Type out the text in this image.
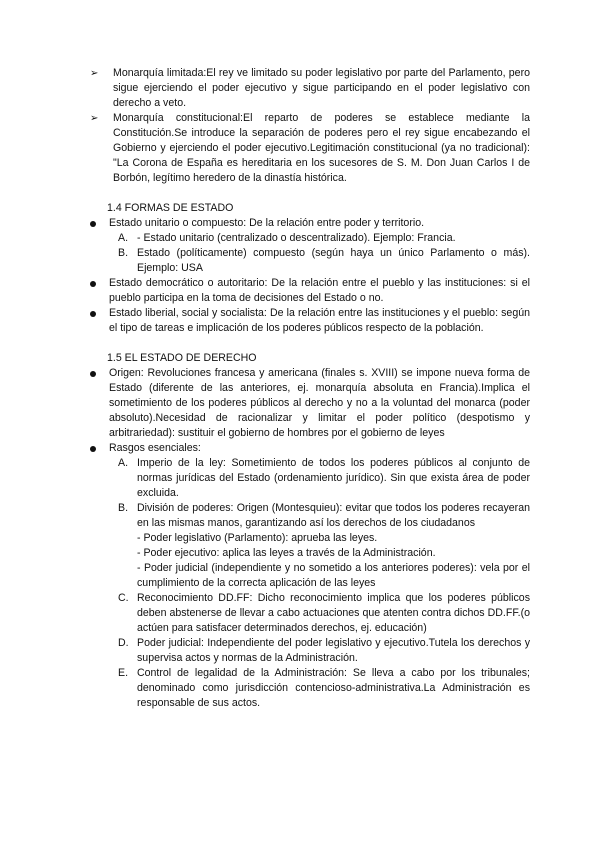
➢	Monarquía limitada:El rey ve limitado su poder legislativo por parte del Parlamento, pero sigue ejerciendo el poder ejecutivo y sigue participando en el poder legislativo con derecho a veto.

➢	Monarquía constitucional:El reparto de poderes se establece mediante la Constitución.Se introduce la separación de poderes pero el rey sigue encabezando el Gobierno y ejerciendo el poder ejecutivo.Legitimación constitucional (ya no tradicional): "La Corona de España es hereditaria en los sucesores de S. M. Don Juan Carlos I de Borbón, legítimo heredero de la dinastía histórica.

1.4 FORMAS DE ESTADO

Estado unitario o compuesto: De la relación entre poder y territorio.

A. - Estado unitario (centralizado o descentralizado). Ejemplo: Francia.

B. Estado (políticamente) compuesto (según haya un único Parlamento o más). Ejemplo: USA

Estado democrático o autoritario: De la relación entre el pueblo y las instituciones: si el pueblo participa en la toma de decisiones del Estado o no.

Estado liberial, social y socialista: De la relación entre las instituciones y el pueblo: según el tipo de tareas e implicación de los poderes públicos respecto de la población.

1.5 EL ESTADO DE DERECHO

Origen: Revoluciones francesa y americana (finales s. XVIII) se impone nueva forma de Estado (diferente de las anteriores, ej. monarquía absoluta en Francia).Implica el sometimiento de los poderes públicos al derecho y no a la voluntad del monarca (poder absoluto).Necesidad de racionalizar y limitar el poder político (despotismo y arbitrariedad): sustituir el gobierno de hombres por el gobierno de leyes

Rasgos esenciales:

A. Imperio de la ley: Sometimiento de todos los poderes públicos al conjunto de normas jurídicas del Estado (ordenamiento jurídico). Sin que exista área de poder excluida.

B. División de poderes: Origen (Montesquieu): evitar que todos los poderes recayeran en las mismas manos, garantizando así los derechos de los ciudadanos

- Poder legislativo (Parlamento): aprueba las leyes.

- Poder ejecutivo: aplica las leyes a través de la Administración.

- Poder judicial (independiente y no sometido a los anteriores poderes): vela por el cumplimiento de la correcta aplicación de las leyes

C. Reconocimiento DD.FF: Dicho reconocimiento implica que los poderes públicos deben abstenerse de llevar a cabo actuaciones que atenten contra dichos DD.FF.(o actúen para satisfacer determinados derechos, ej. educación)

D. Poder judicial: Independiente del poder legislativo y ejecutivo.Tutela los derechos y supervisa actos y normas de la Administración.

E. Control de legalidad de la Administración: Se lleva a cabo por los tribunales; denominado como jurisdicción contencioso-administrativa.La Administración es responsable de sus actos.
